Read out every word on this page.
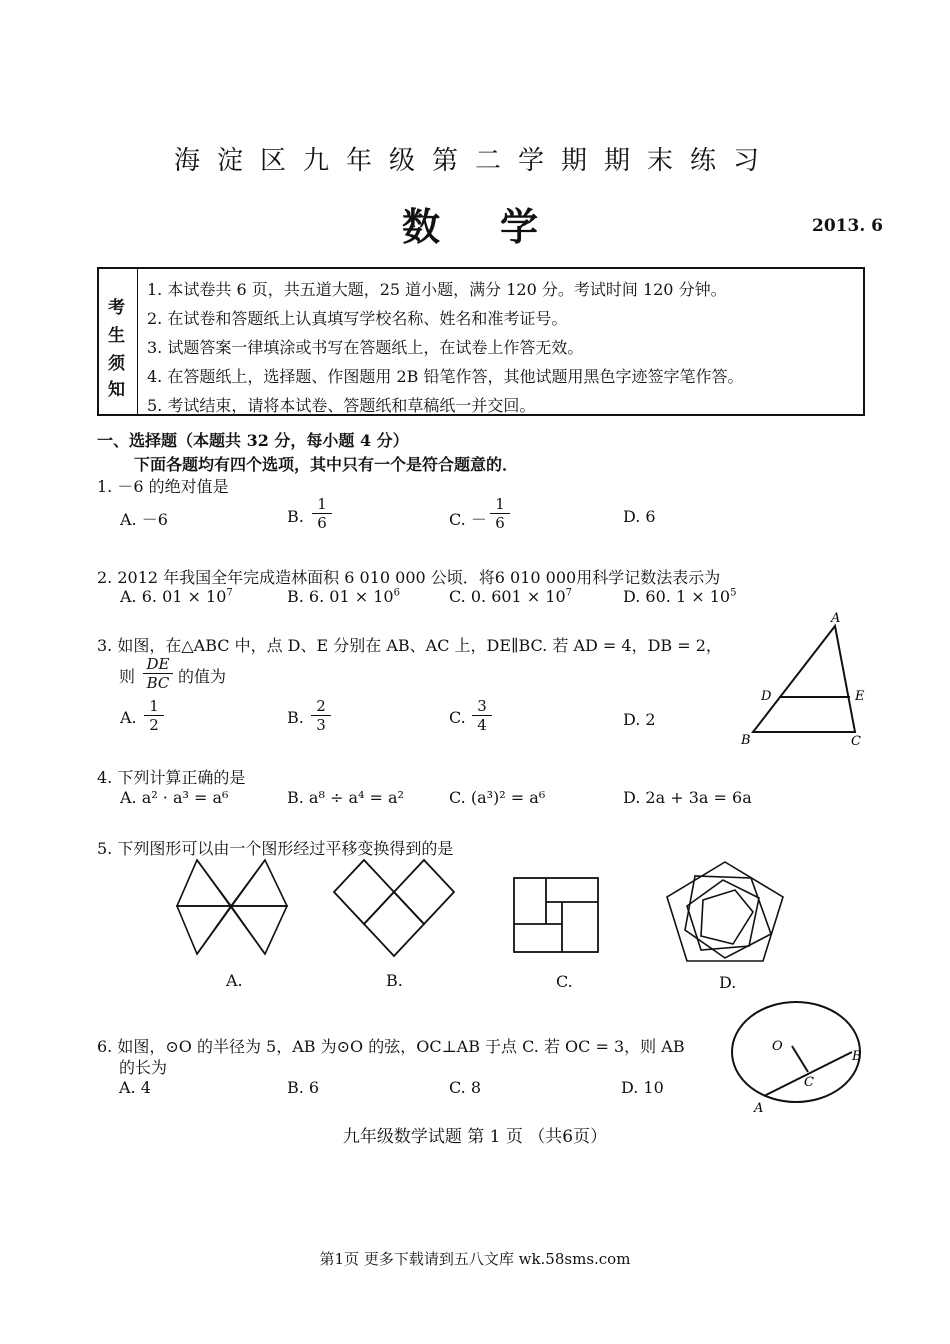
海淀区九年级第二学期期末练习
数学	2013. 6
考
生
须
知
1. 本试卷共 6 页，共五道大题，25 道小题，满分 120 分。考试时间 120 分钟。
2. 在试卷和答题纸上认真填写学校名称、姓名和准考证号。
3. 试题答案一律填涂或书写在答题纸上，在试卷上作答无效。
4. 在答题纸上，选择题、作图题用 2B 铅笔作答，其他试题用黑色字迹签字笔作答。
5. 考试结束，请将本试卷、答题纸和草稿纸一并交回。
一、选择题（本题共 32 分，每小题 4 分）
下面各题均有四个选项，其中只有一个是符合题意的．
1. －6 的绝对值是
A. －6	B. $\frac{1}{6}$	C. － $\frac{1}{6}$	D. 6
2. 2012 年我国全年完成造林面积 6 010 000 公顷．将6 010 000用科学记数法表示为
A. 6. $01 \times 10^7$	B. 6. $01 \times 10^6$	C. 0. $601 \times 10^7$	D. 60. $1 \times 10^5$
3. 如图，在△ABC 中，点 D、E 分别在 AB、AC 上，DE∥BC. 若 AD = 4，DB = 2，
则 $\frac{DE}{BC}$ 的值为
A. $\frac{1}{2}$	B. $\frac{2}{3}$	C. $\frac{3}{4}$	D. 2
A
B	C
D	E
4. 下列计算正确的是
A. a² · a³ = a⁶	B. a⁸ ÷ a⁴ = a²	C. (a³)² = a⁶	D. 2a + 3a = 6a
5. 下列图形可以由一个图形经过平移变换得到的是
A.	B.	C.	D.
6. 如图，⊙O 的半径为 5，AB 为⊙O 的弦，OC⊥AB 于点 C. 若 OC = 3，则 AB
的长为
A. 4	B. 6	C. 8	D. 10
O
A
B
C
九年级数学试题 第 1 页 （共6页）
第1页 更多下载请到五八文库 wk.58sms.com
